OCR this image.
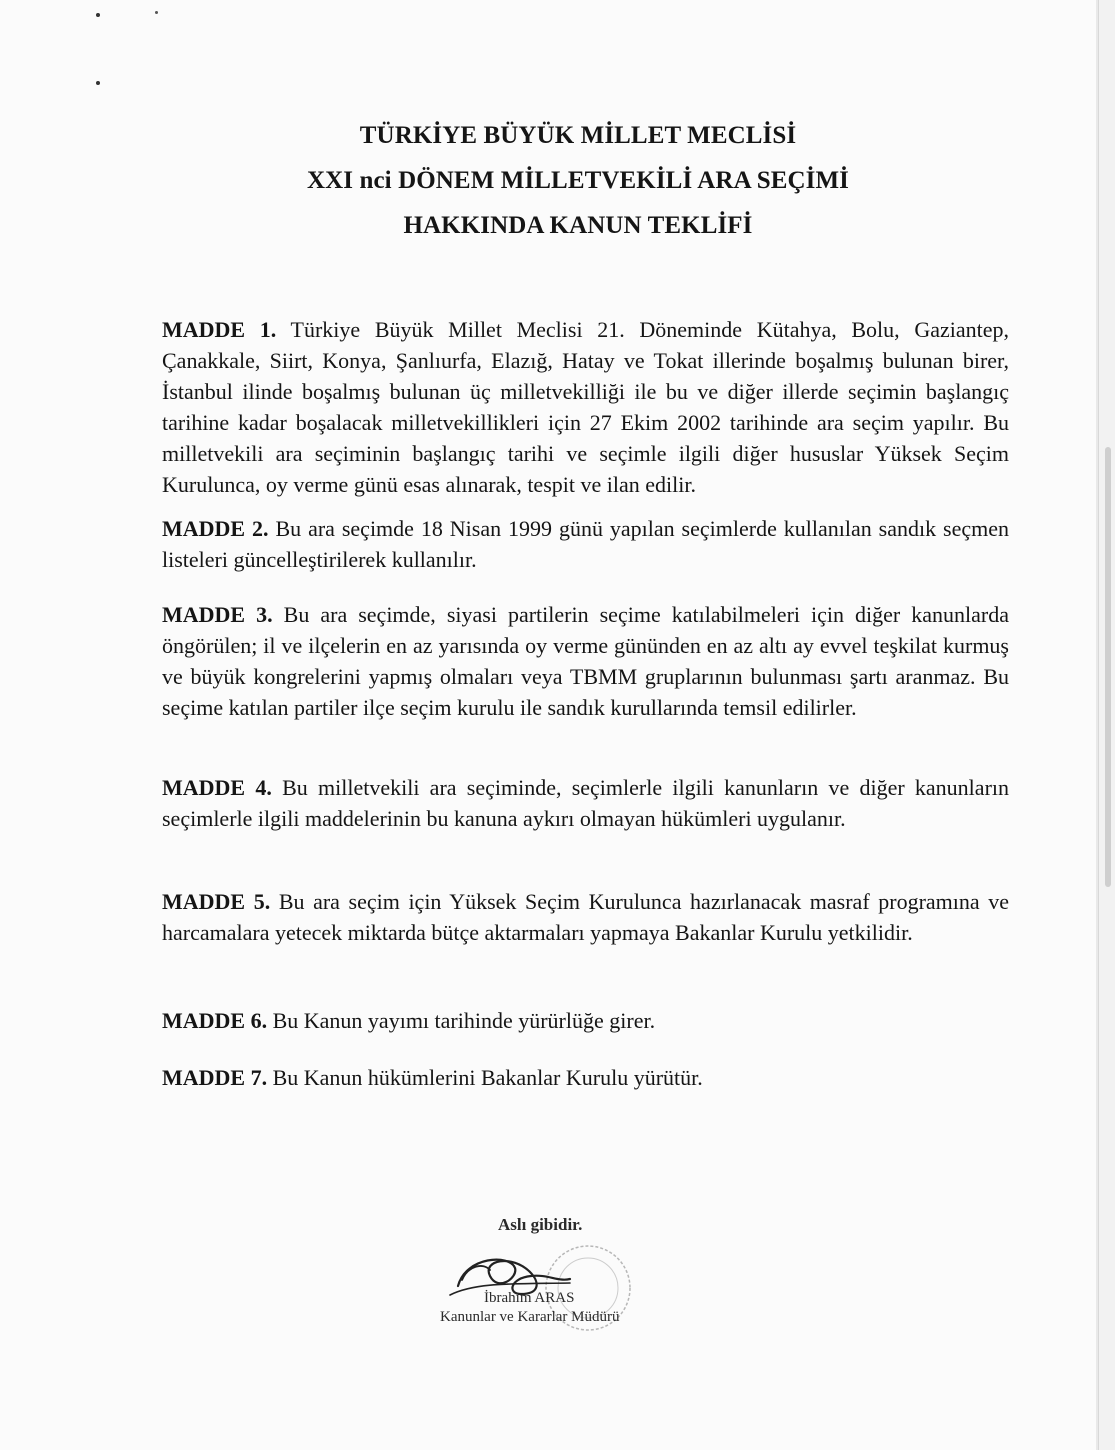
TÜRKİYE BÜYÜK MİLLET MECLİSİ
XXI nci DÖNEM MİLLETVEKİLİ ARA SEÇİMİ
HAKKINDA KANUN TEKLİFİ

MADDE 1. Türkiye Büyük Millet Meclisi 21. Döneminde Kütahya, Bolu, Gaziantep, Çanakkale, Siirt, Konya, Şanlıurfa, Elazığ, Hatay ve Tokat illerinde boşalmış bulunan birer, İstanbul ilinde boşalmış bulunan üç milletvekilliği ile bu ve diğer illerde seçimin başlangıç tarihine kadar boşalacak milletvekillikleri için 27 Ekim 2002 tarihinde ara seçim yapılır. Bu milletvekili ara seçiminin başlangıç tarihi ve seçimle ilgili diğer hususlar Yüksek Seçim Kurulunca, oy verme günü esas alınarak, tespit ve ilan edilir.

MADDE 2. Bu ara seçimde 18 Nisan 1999 günü yapılan seçimlerde kullanılan sandık seçmen listeleri güncelleştirilerek kullanılır.

MADDE 3. Bu ara seçimde, siyasi partilerin seçime katılabilmeleri için diğer kanunlarda öngörülen; il ve ilçelerin en az yarısında oy verme gününden en az altı ay evvel teşkilat kurmuş ve büyük kongrelerini yapmış olmaları veya TBMM gruplarının bulunması şartı aranmaz. Bu seçime katılan partiler ilçe seçim kurulu ile sandık kurullarında temsil edilirler.

MADDE 4. Bu milletvekili ara seçiminde, seçimlerle ilgili kanunların ve diğer kanunların seçimlerle ilgili maddelerinin bu kanuna aykırı olmayan hükümleri uygulanır.

MADDE 5. Bu ara seçim için Yüksek Seçim Kurulunca hazırlanacak masraf programına ve harcamalara yetecek miktarda bütçe aktarmaları yapmaya Bakanlar Kurulu yetkilidir.

MADDE 6. Bu Kanun yayımı tarihinde yürürlüğe girer.

MADDE 7. Bu Kanun hükümlerini Bakanlar Kurulu yürütür.

Aslı gibidir.
İbrahim ARAS
Kanunlar ve Kararlar Müdürü
